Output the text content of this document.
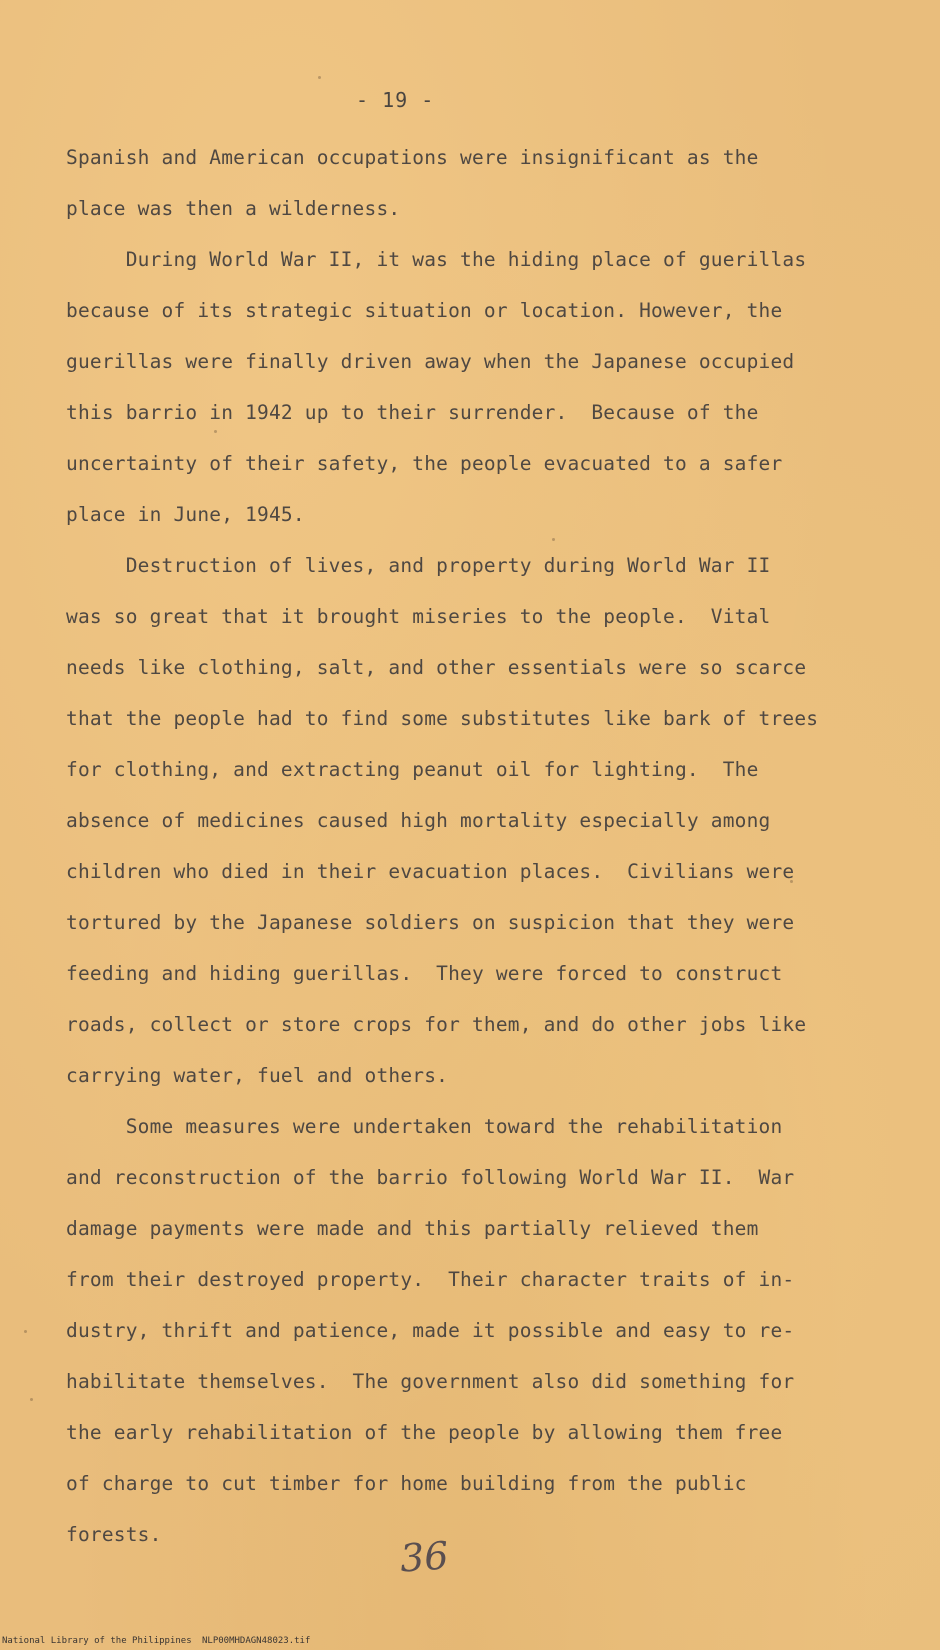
- 19 -
Spanish and American occupations were insignificant as the
place was then a wilderness.
During World War II, it was the hiding place of guerillas
because of its strategic situation or location. However, the
guerillas were finally driven away when the Japanese occupied
this barrio in 1942 up to their surrender.  Because of the
uncertainty of their safety, the people evacuated to a safer
place in June, 1945.
Destruction of lives, and property during World War II
was so great that it brought miseries to the people.  Vital
needs like clothing, salt, and other essentials were so scarce
that the people had to find some substitutes like bark of trees
for clothing, and extracting peanut oil for lighting.  The
absence of medicines caused high mortality especially among
children who died in their evacuation places.  Civilians were
tortured by the Japanese soldiers on suspicion that they were
feeding and hiding guerillas.  They were forced to construct
roads, collect or store crops for them, and do other jobs like
carrying water, fuel and others.
Some measures were undertaken toward the rehabilitation
and reconstruction of the barrio following World War II.  War
damage payments were made and this partially relieved them
from their destroyed property.  Their character traits of in-
dustry, thrift and patience, made it possible and easy to re-
habilitate themselves.  The government also did something for
the early rehabilitation of the people by allowing them free
of charge to cut timber for home building from the public
forests.	36
National Library of the Philippines NLP00MHDAGN48023.tif
